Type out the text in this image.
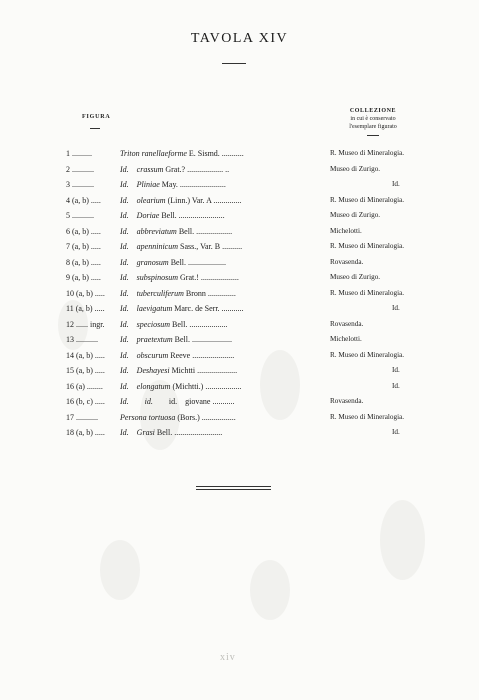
TAVOLA XIV
FIGURA
COLLEZIONE
in cui è conservato
l'esemplare figurato
1 ..........	Triton ranellaeforme E. Sismd. ...........	R. Museo di Mineralogia.
2 ...........	Id. crassum Grat.? .................. ..	Museo di Zurigo.
3 ...........	Id. Pliniae May. .......................	Id.
4 (a, b) ..... Id. olearium (Linn.) Var. A ..............	R. Museo di Mineralogia.
5 ...........	Id. Doriae Bell. .......................	Museo di Zurigo.
6 (a, b) ..... Id. abbreviatum Bell. ..................	Michelotti.
7 (a, b) ..... Id. apenninicum Sass., Var. B ..........	R. Museo di Mineralogia.
8 (a, b) ..... Id. granosum Bell. ...................	Rovasenda.
9 (a, b) ..... Id. subspinosum Grat.! ...................	Museo di Zurigo.
10 (a, b) ..... Id. tuberculiferum Bronn ..............	R. Museo di Mineralogia.
11 (a, b) ..... Id. laevigatum Marc. de Serr. ...........	Id.
12 ...... ingr. Id. speciosum Bell. ...................	Rovasenda.
13 ...........	Id. praetextum Bell. ....................	Michelotti.
14 (a, b) ..... Id. obscurum Reeve .....................	R. Museo di Mineralogia.
15 (a, b) ..... Id. Deshayesi Michtti ....................	Id.
16 (a) ........ Id. elongatum (Michtti.) ..................	Id.
16 (b, c) ..... Id. id.        id.    giovane ...........	Rovasenda.
17 ...........	Persona tortuosa (Bors.) .................	R. Museo di Mineralogia.
18 (a, b) ..... Id. Grasi Bell. ........................	Id.
xiv
